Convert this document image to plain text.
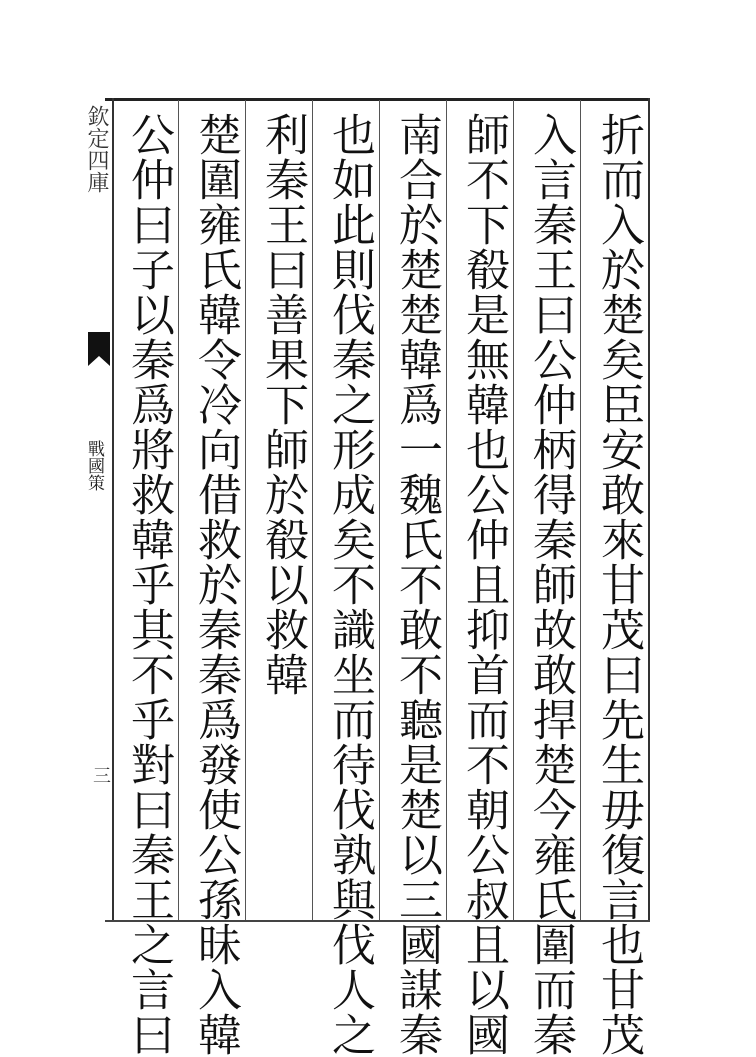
折而入於楚矣臣安敢來甘茂曰先生毋復言也甘茂
入言秦王曰公仲柄得秦師故敢捍楚今雍氏圍而秦
師不下殽是無韓也公仲且抑首而不朝公叔且以國
南合於楚楚韓爲一魏氏不敢不聽是楚以三國謀秦
也如此則伐秦之形成矣不識坐而待伐孰與伐人之
利秦王曰善果下師於殽以救韓
楚圍雍氏韓令冷向借救於秦秦爲發使公孫昧入韓
公仲曰子以秦爲將救韓乎其不乎對曰秦王之言曰
欽定四庫
戰國策
三
